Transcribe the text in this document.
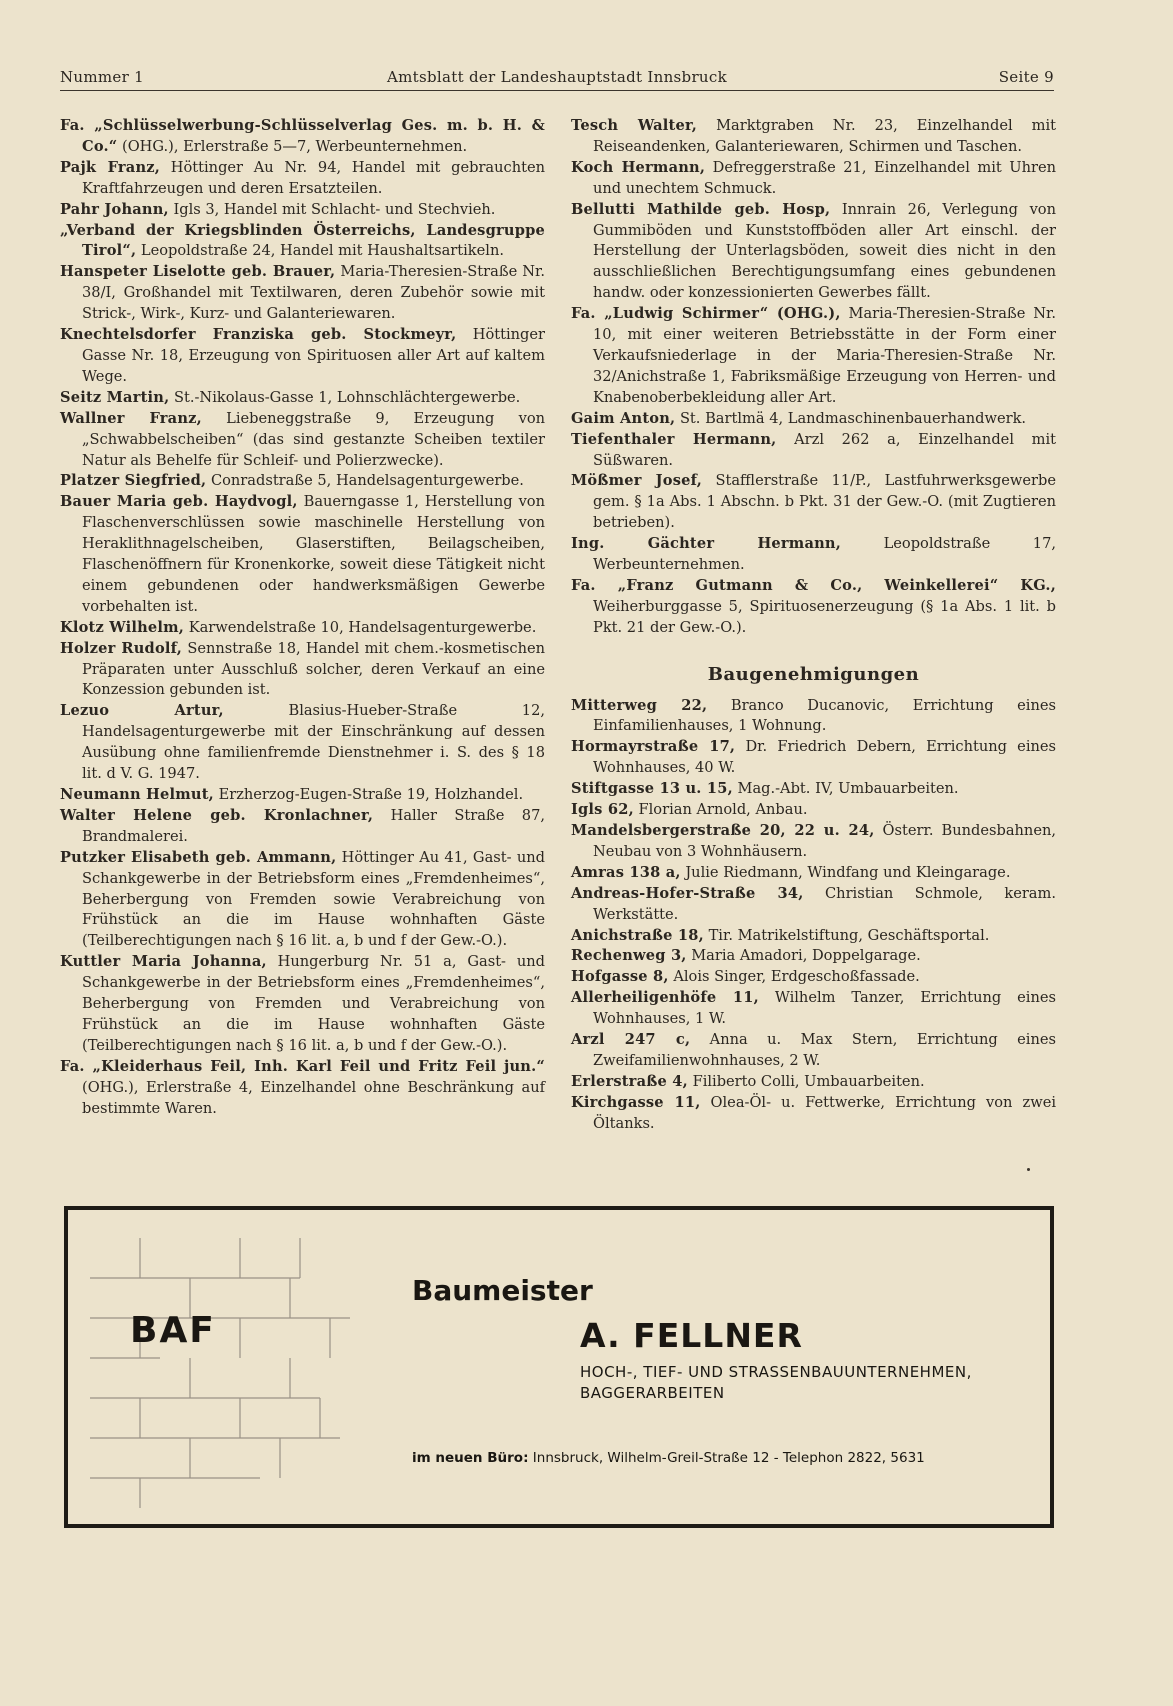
Nummer 1	Amtsblatt der Landeshauptstadt Innsbruck	Seite 9

Fa. „Schlüsselwerbung-Schlüsselverlag Ges. m. b. H. & Co.“ (OHG.), Erlerstraße 5—7, Werbeunternehmen.

Pajk Franz, Höttinger Au Nr. 94, Handel mit gebrauchten Kraftfahrzeugen und deren Ersatzteilen.

Pahr Johann, Igls 3, Handel mit Schlacht- und Stechvieh.

„Verband der Kriegsblinden Österreichs, Landesgruppe Tirol“, Leopoldstraße 24, Handel mit Haushaltsartikeln.

Hanspeter Liselotte geb. Brauer, Maria-Theresien-Straße Nr. 38/I, Großhandel mit Textilwaren, deren Zubehör sowie mit Strick-, Wirk-, Kurz- und Galanteriewaren.

Knechtelsdorfer Franziska geb. Stockmeyr, Höttinger Gasse Nr. 18, Erzeugung von Spirituosen aller Art auf kaltem Wege.

Seitz Martin, St.-Nikolaus-Gasse 1, Lohnschlächtergewerbe.

Wallner Franz, Liebeneggstraße 9, Erzeugung von „Schwabbelscheiben“ (das sind gestanzte Scheiben textiler Natur als Behelfe für Schleif- und Polierzwecke).

Platzer Siegfried, Conradstraße 5, Handelsagenturgewerbe.

Bauer Maria geb. Haydvogl, Bauerngasse 1, Herstellung von Flaschenverschlüssen sowie maschinelle Herstellung von Heraklithnagelscheiben, Glaserstiften, Beilagscheiben, Flaschenöffnern für Kronenkorke, soweit diese Tätigkeit nicht einem gebundenen oder handwerksmäßigen Gewerbe vorbehalten ist.

Klotz Wilhelm, Karwendelstraße 10, Handelsagenturgewerbe.

Holzer Rudolf, Sennstraße 18, Handel mit chem.-kosmetischen Präparaten unter Ausschluß solcher, deren Verkauf an eine Konzession gebunden ist.

Lezuo Artur,	Blasius-Hueber-Straße 12, Handelsagenturgewerbe mit der Einschränkung auf dessen Ausübung ohne familienfremde Dienstnehmer i. S. des § 18 lit. d V. G. 1947.

Neumann Helmut, Erzherzog-Eugen-Straße 19, Holzhandel.

Walter Helene geb. Kronlachner, Haller Straße 87, Brandmalerei.

Putzker Elisabeth geb. Ammann, Höttinger Au 41, Gast- und Schankgewerbe in der Betriebsform eines „Fremdenheimes“, Beherbergung von Fremden sowie Verabreichung von Frühstück an die im Hause wohnhaften Gäste (Teilberechtigungen nach § 16 lit. a, b und f der Gew.-O.).

Kuttler Maria Johanna, Hungerburg Nr. 51 a, Gast- und Schankgewerbe in der Betriebsform eines „Fremdenheimes“, Beherbergung von Fremden und Verabreichung von Frühstück an die im Hause wohnhaften Gäste (Teilberechtigungen nach § 16 lit. a, b und f der Gew.-O.).

Fa. „Kleiderhaus Feil, Inh. Karl Feil und Fritz Feil jun.“ (OHG.), Erlerstraße 4, Einzelhandel ohne Beschränkung auf bestimmte Waren.

Tesch Walter, Marktgraben Nr. 23, Einzelhandel mit Reiseandenken, Galanteriewaren, Schirmen und Taschen.

Koch Hermann, Defreggerstraße 21, Einzelhandel mit Uhren und unechtem Schmuck.

Bellutti Mathilde geb. Hosp, Innrain 26, Verlegung von Gummiböden und Kunststoffböden aller Art einschl. der Herstellung der Unterlagsböden, soweit dies nicht in den ausschließlichen Berechtigungsumfang eines gebundenen handw. oder konzessionierten Gewerbes fällt.

Fa. „Ludwig Schirmer“ (OHG.), Maria-Theresien-Straße Nr. 10, mit einer weiteren Betriebsstätte in der Form einer Verkaufsniederlage in der Maria-Theresien-Straße Nr. 32/Anichstraße 1, Fabriksmäßige Erzeugung von Herren- und Knabenoberbekleidung aller Art.

Gaim Anton, St. Bartlmä 4, Landmaschinenbauerhandwerk.

Tiefenthaler Hermann, Arzl 262 a, Einzelhandel mit Süßwaren.

Mößmer Josef, Stafflerstraße 11/P., Lastfuhrwerksgewerbe gem. § 1a Abs. 1 Abschn. b Pkt. 31 der Gew.-O. (mit Zugtieren betrieben).

Ing. Gächter Hermann,	Leopoldstraße 17, Werbeunternehmen.

Fa. „Franz Gutmann & Co., Weinkellerei“ KG., Weiherburggasse 5, Spirituosenerzeugung (§ 1a Abs. 1 lit. b Pkt. 21 der Gew.-O.).

Baugenehmigungen

Mitterweg 22, Branco Ducanovic, Errichtung eines Einfamilienhauses, 1 Wohnung.

Hormayrstraße 17, Dr. Friedrich Debern, Errichtung eines Wohnhauses, 40 W.

Stiftgasse 13 u. 15, Mag.-Abt. IV, Umbauarbeiten.

Igls 62, Florian Arnold, Anbau.

Mandelsbergerstraße 20, 22 u. 24, Österr. Bundesbahnen, Neubau von 3 Wohnhäusern.

Amras 138 a, Julie Riedmann, Windfang und Kleingarage.

Andreas-Hofer-Straße 34, Christian Schmole, keram. Werkstätte.

Anichstraße 18, Tir. Matrikelstiftung, Geschäftsportal.

Rechenweg 3, Maria Amadori, Doppelgarage.

Hofgasse 8, Alois Singer, Erdgeschoßfassade.

Allerheiligenhöfe 11, Wilhelm Tanzer, Errichtung eines Wohnhauses, 1 W.

Arzl 247 c, Anna u. Max Stern, Errichtung eines Zweifamilienwohnhauses, 2 W.

Erlerstraße 4, Filiberto Colli, Umbauarbeiten.

Kirchgasse 11, Olea-Öl- u. Fettwerke, Errichtung von zwei Öltanks.

BAF
Baumeister
A. FELLNER
HOCH-, TIEF- UND STRASSENBAUUNTERNEHMEN,
BAGGERARBEITEN
im neuen Büro: Innsbruck, Wilhelm-Greil-Straße 12 - Telephon 2822, 5631
